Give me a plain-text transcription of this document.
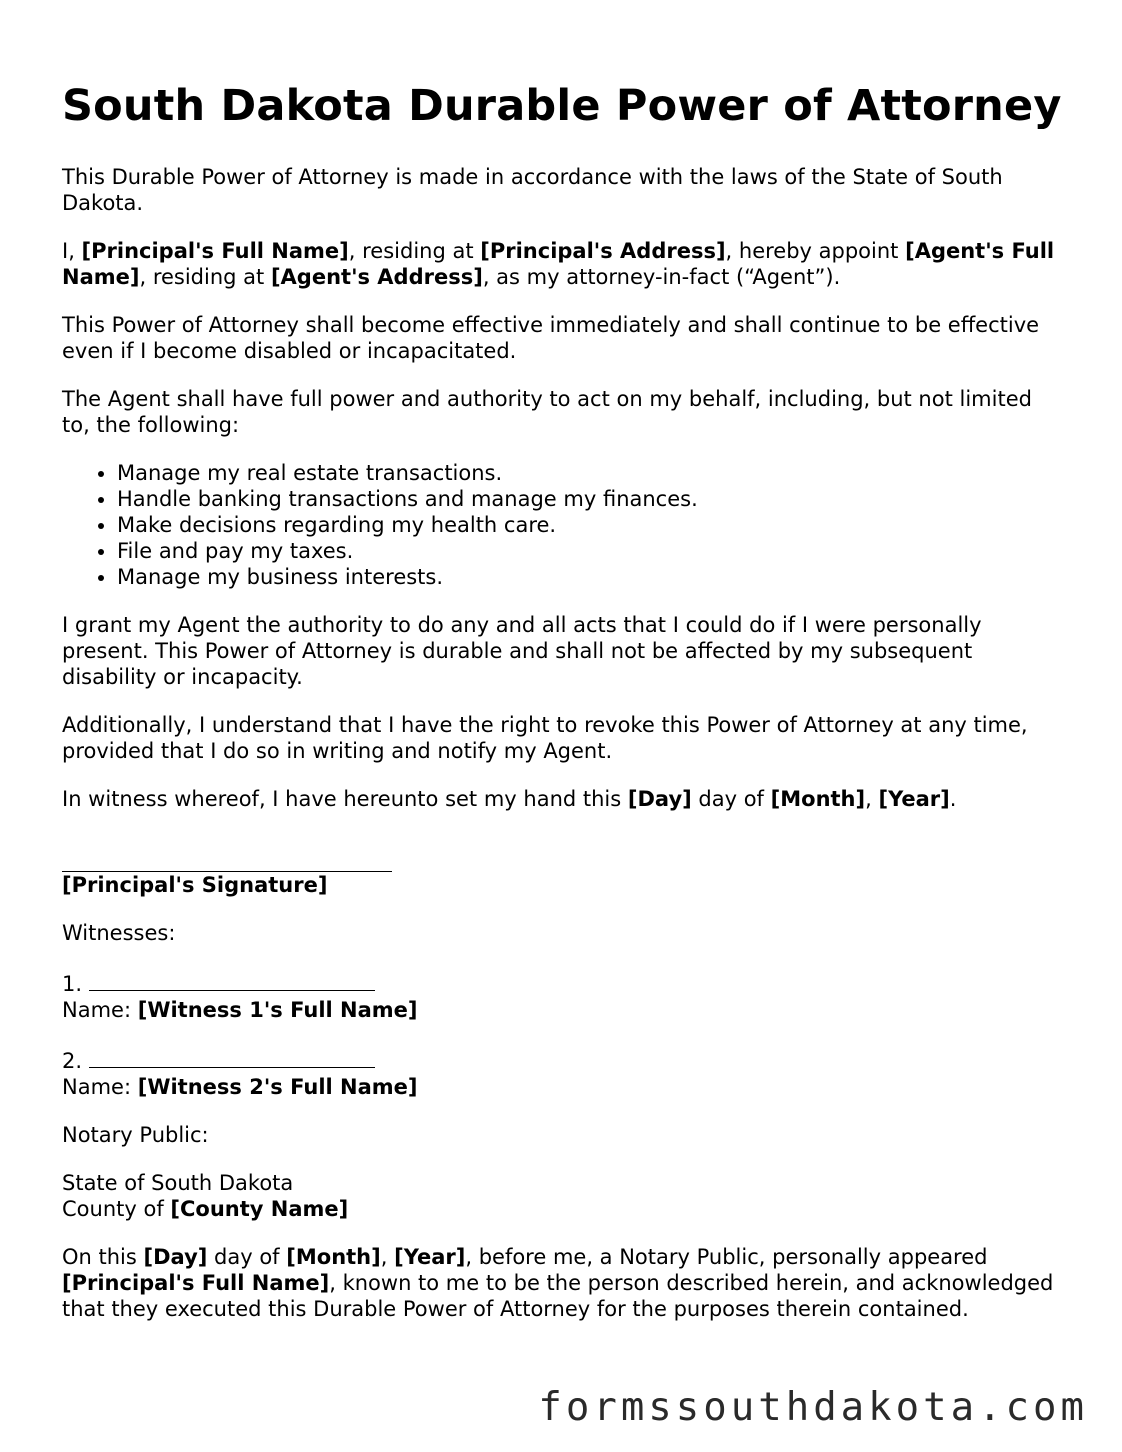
South Dakota Durable Power of Attorney

This Durable Power of Attorney is made in accordance with the laws of the State of South Dakota.

I, [Principal's Full Name], residing at [Principal's Address], hereby appoint [Agent's Full Name], residing at [Agent's Address], as my attorney-in-fact (“Agent”).

This Power of Attorney shall become effective immediately and shall continue to be effective even if I become disabled or incapacitated.

The Agent shall have full power and authority to act on my behalf, including, but not limited to, the following:

• Manage my real estate transactions.
• Handle banking transactions and manage my finances.
• Make decisions regarding my health care.
• File and pay my taxes.
• Manage my business interests.

I grant my Agent the authority to do any and all acts that I could do if I were personally present. This Power of Attorney is durable and shall not be affected by my subsequent disability or incapacity.

Additionally, I understand that I have the right to revoke this Power of Attorney at any time, provided that I do so in writing and notify my Agent.

In witness whereof, I have hereunto set my hand this [Day] day of [Month], [Year].

[Principal's Signature]

Witnesses:

1.
Name: [Witness 1's Full Name]

2.
Name: [Witness 2's Full Name]

Notary Public:

State of South Dakota
County of [County Name]

On this [Day] day of [Month], [Year], before me, a Notary Public, personally appeared [Principal's Full Name], known to me to be the person described herein, and acknowledged that they executed this Durable Power of Attorney for the purposes therein contained.

formssouthdakota.com
